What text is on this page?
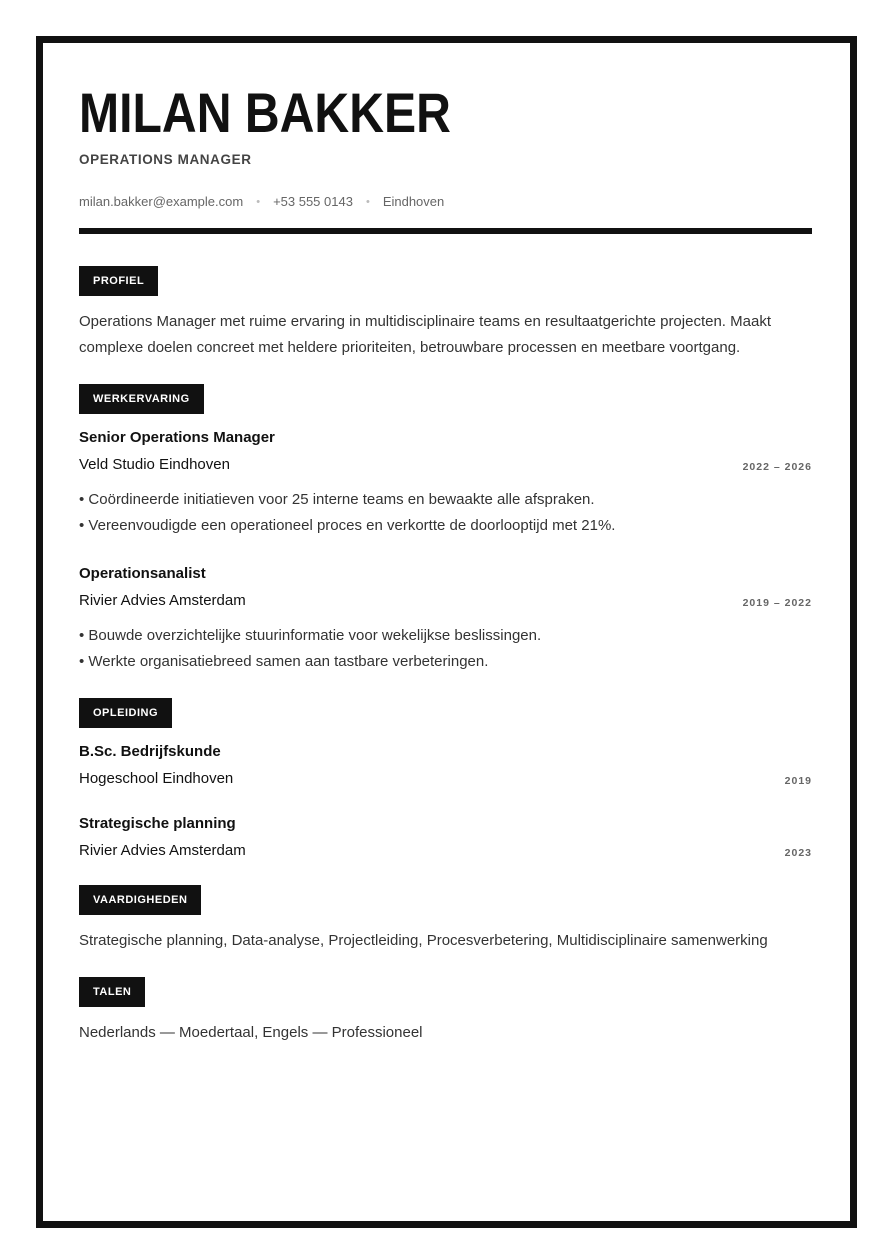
MILAN BAKKER
OPERATIONS MANAGER
milan.bakker@example.com • +53 555 0143 • Eindhoven
PROFIEL

Operations Manager met ruime ervaring in multidisciplinaire teams en resultaatgerichte projecten. Maakt complexe doelen concreet met heldere prioriteiten, betrouwbare processen en meetbare voortgang.

WERKERVARING
Senior Operations Manager
Veld Studio Eindhoven	2022 – 2026
• Coördineerde initiatieven voor 25 interne teams en bewaakte alle afspraken.
• Vereenvoudigde een operationeel proces en verkortte de doorlooptijd met 21%.
Operationsanalist
Rivier Advies Amsterdam	2019 – 2022
• Bouwde overzichtelijke stuurinformatie voor wekelijkse beslissingen.
• Werkte organisatiebreed samen aan tastbare verbeteringen.
OPLEIDING
B.Sc. Bedrijfskunde
Hogeschool Eindhoven	2019
Strategische planning
Rivier Advies Amsterdam	2023
VAARDIGHEDEN

Strategische planning, Data-analyse, Projectleiding, Procesverbetering, Multidisciplinaire samenwerking

TALEN

Nederlands — Moedertaal, Engels — Professioneel
